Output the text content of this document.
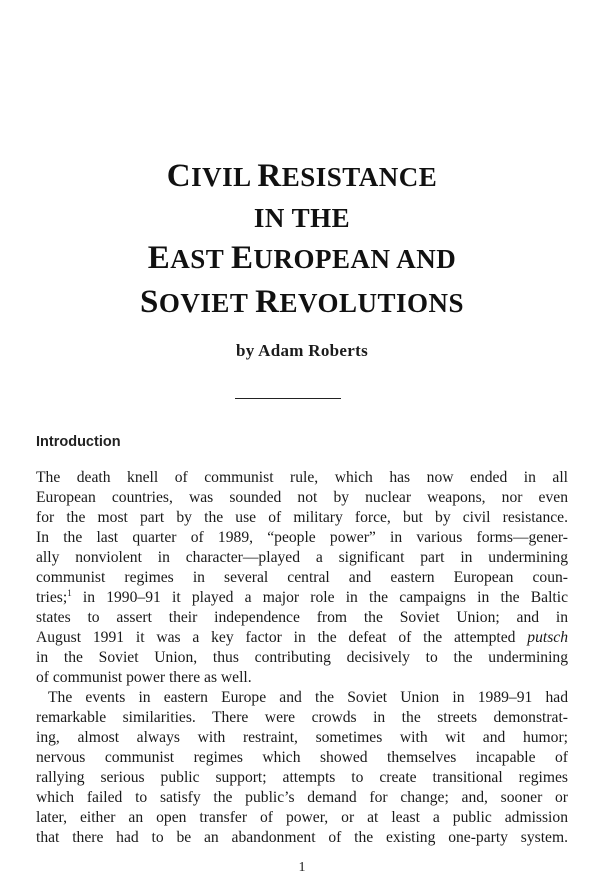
CIVIL RESISTANCE
IN THE
EAST EUROPEAN AND
SOVIET REVOLUTIONS
by Adam Roberts
Introduction
The death knell of communist rule, which has now ended in all
European countries, was sounded not by nuclear weapons, nor even
for the most part by the use of military force, but by civil resistance.
In the last quarter of 1989, “people power” in various forms—gener-
ally nonviolent in character—played a significant part in undermining
communist regimes in several central and eastern European coun-
tries;$^1$ in 1990–91 it played a major role in the campaigns in the Baltic
states to assert their independence from the Soviet Union; and in
August 1991 it was a key factor in the defeat of the attempted putsch
in the Soviet Union, thus contributing decisively to the undermining
of communist power there as well.
The events in eastern Europe and the Soviet Union in 1989–91 had
remarkable similarities. There were crowds in the streets demonstrat-
ing, almost always with restraint, sometimes with wit and humor;
nervous communist regimes which showed themselves incapable of
rallying serious public support; attempts to create transitional regimes
which failed to satisfy the public’s demand for change; and, sooner or
later, either an open transfer of power, or at least a public admission
that there had to be an abandonment of the existing one-party system.
1
